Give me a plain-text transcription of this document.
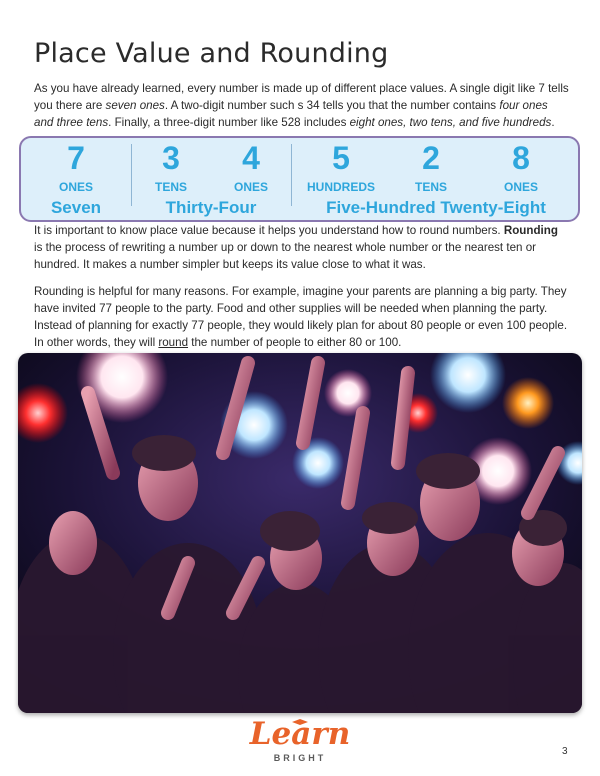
Place Value and Rounding

As you have already learned, every number is made up of different place values. A single digit like 7 tells you there are seven ones. A two-digit number such s 34 tells you that the number contains four ones and three tens. Finally, a three-digit number like 528 includes eight ones, two tens, and five hundreds.

7
ONES
Seven
3
TENS
4
ONES
Thirty-Four
5
HUNDREDS
2
TENS
8
ONES
Five-Hundred Twenty-Eight

It is important to know place value because it helps you understand how to round numbers. Rounding is the process of rewriting a number up or down to the nearest whole number or the nearest ten or hundred. It makes a number simpler but keeps its value close to what it was.

Rounding is helpful for many reasons. For example, imagine your parents are planning a big party. They have invited 77 people to the party. Food and other supplies will be needed when planning the party. Instead of planning for exactly 77 people, they would likely plan for about 80 people or even 100 people. In other words, they will round the number of people to either 80 or 100.

Learn
BRIGHT
3
